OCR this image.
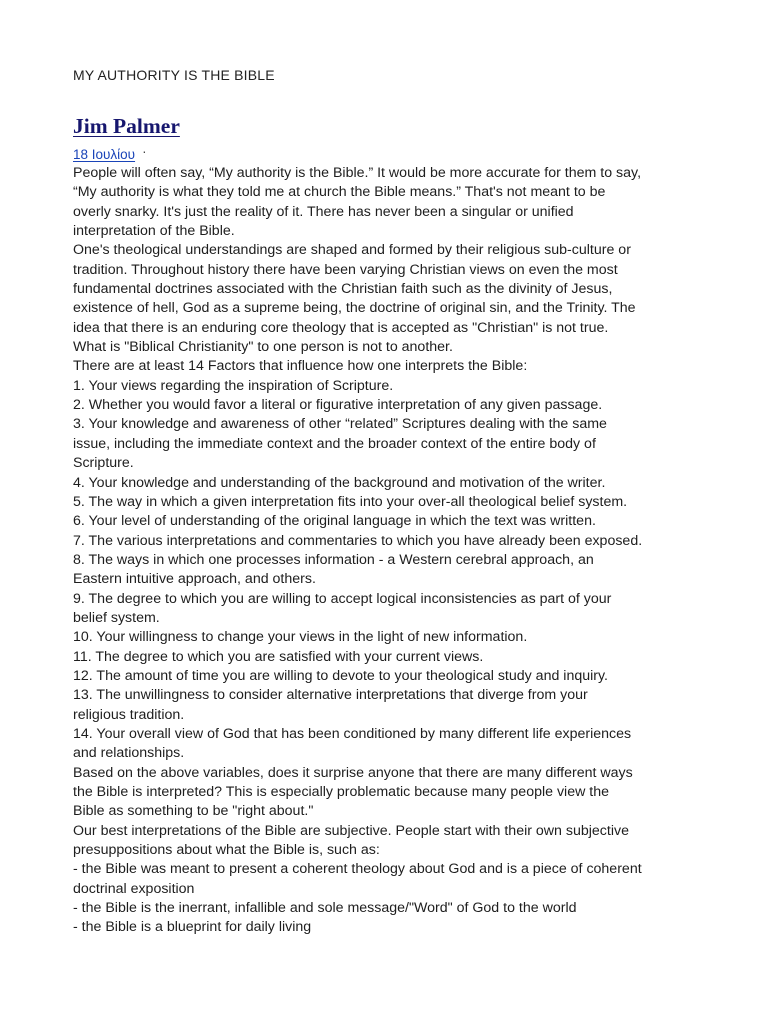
MY AUTHORITY IS THE BIBLE
Jim Palmer
18 Ιουλίου ·
People will often say, “My authority is the Bible.” It would be more accurate for them to say,
“My authority is what they told me at church the Bible means.” That's not meant to be
overly snarky. It's just the reality of it. There has never been a singular or unified
interpretation of the Bible.
One's theological understandings are shaped and formed by their religious sub-culture or
tradition. Throughout history there have been varying Christian views on even the most
fundamental doctrines associated with the Christian faith such as the divinity of Jesus,
existence of hell, God as a supreme being, the doctrine of original sin, and the Trinity. The
idea that there is an enduring core theology that is accepted as "Christian" is not true.
What is "Biblical Christianity" to one person is not to another.
There are at least 14 Factors that influence how one interprets the Bible:
1. Your views regarding the inspiration of Scripture.
2. Whether you would favor a literal or figurative interpretation of any given passage.
3. Your knowledge and awareness of other “related” Scriptures dealing with the same
issue, including the immediate context and the broader context of the entire body of
Scripture.
4. Your knowledge and understanding of the background and motivation of the writer.
5. The way in which a given interpretation fits into your over-all theological belief system.
6. Your level of understanding of the original language in which the text was written.
7. The various interpretations and commentaries to which you have already been exposed.
8. The ways in which one processes information - a Western cerebral approach, an
Eastern intuitive approach, and others.
9. The degree to which you are willing to accept logical inconsistencies as part of your
belief system.
10. Your willingness to change your views in the light of new information.
11. The degree to which you are satisfied with your current views.
12. The amount of time you are willing to devote to your theological study and inquiry.
13. The unwillingness to consider alternative interpretations that diverge from your
religious tradition.
14. Your overall view of God that has been conditioned by many different life experiences
and relationships.
Based on the above variables, does it surprise anyone that there are many different ways
the Bible is interpreted? This is especially problematic because many people view the
Bible as something to be "right about."
Our best interpretations of the Bible are subjective. People start with their own subjective
presuppositions about what the Bible is, such as:
- the Bible was meant to present a coherent theology about God and is a piece of coherent
doctrinal exposition
- the Bible is the inerrant, infallible and sole message/"Word" of God to the world
- the Bible is a blueprint for daily living
